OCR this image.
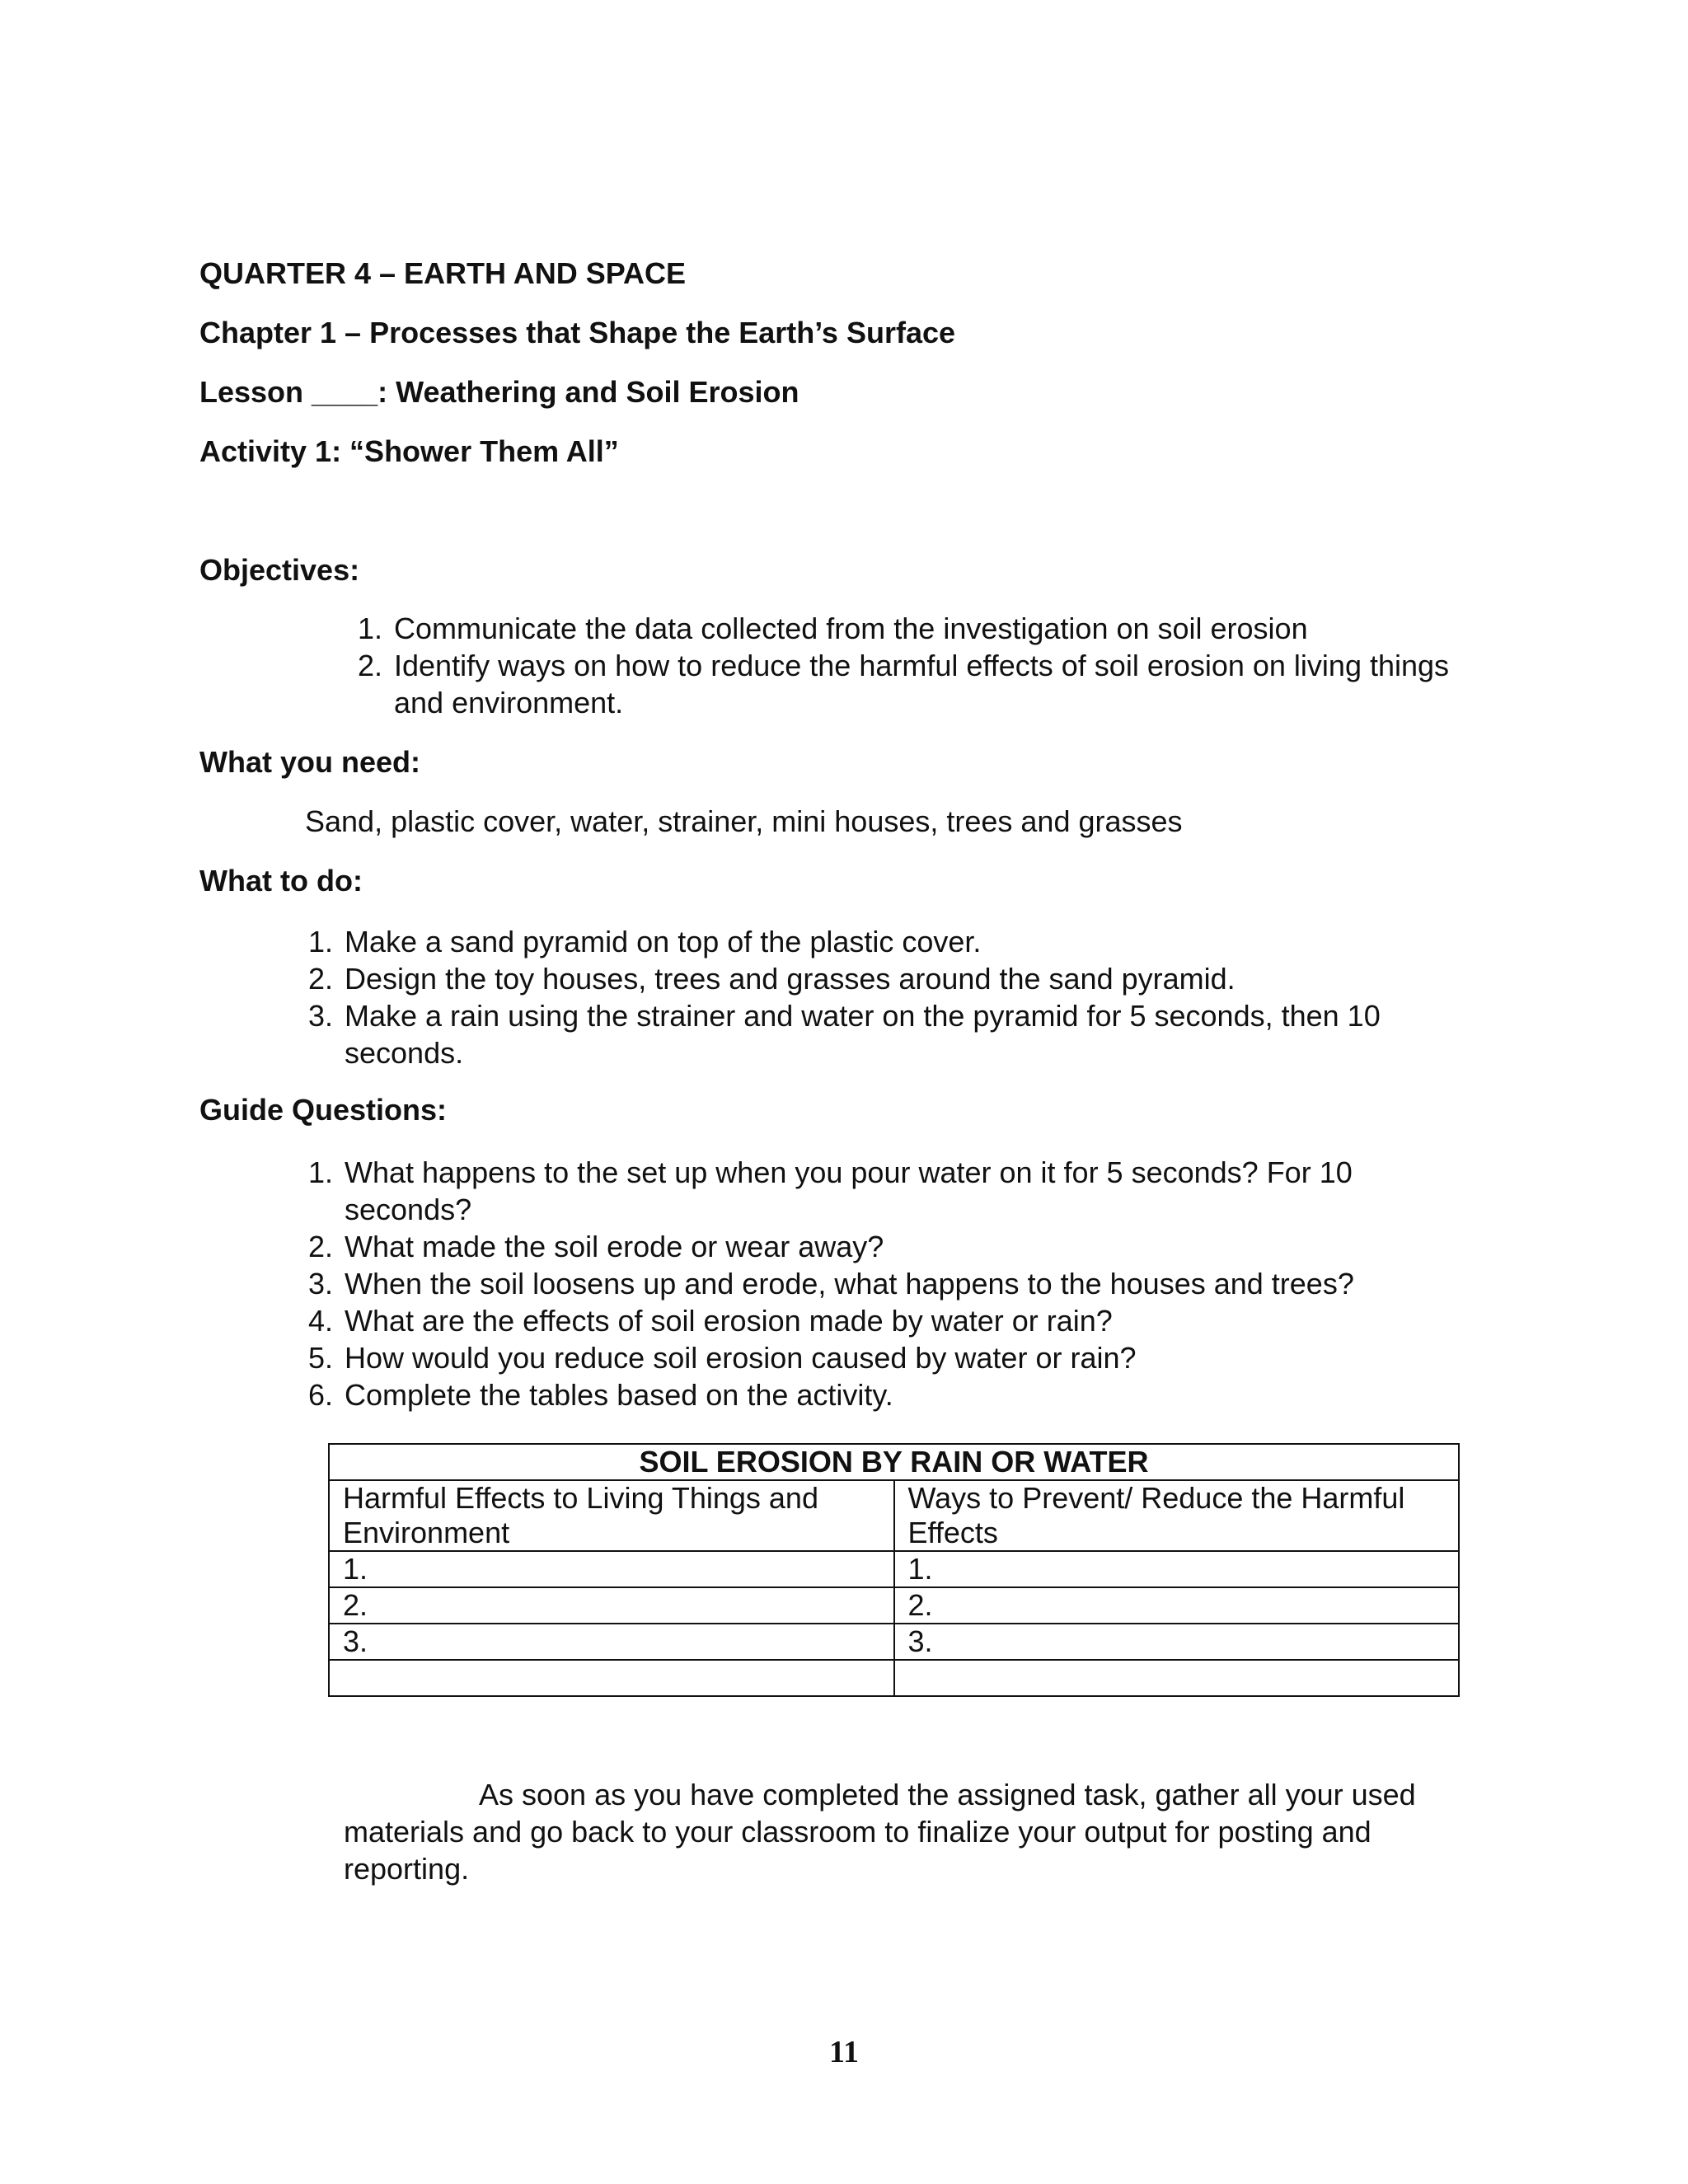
QUARTER 4 – EARTH AND SPACE

Chapter 1 – Processes that Shape the Earth’s Surface

Lesson ____: Weathering and Soil Erosion

Activity 1: “Shower Them All”

Objectives:

1. Communicate the data collected from the investigation on soil erosion
2. Identify ways on how to reduce the harmful effects of soil erosion on living things and environment.

What you need:

Sand, plastic cover, water, strainer, mini houses, trees and grasses

What to do:

1. Make a sand pyramid on top of the plastic cover.
2. Design the toy houses, trees and grasses around the sand pyramid.
3. Make a rain using the strainer and water on the pyramid for 5 seconds, then 10 seconds.

Guide Questions:

1. What happens to the set up when you pour water on it for 5 seconds? For 10 seconds?
2. What made the soil erode or wear away?
3. When the soil loosens up and erode, what happens to the houses and trees?
4. What are the effects of soil erosion made by water or rain?
5. How would you reduce soil erosion caused by water or rain?
6. Complete the tables based on the activity.
SOIL EROSION BY RAIN OR WATER	
Harmful Effects to Living Things and Environment	Ways to Prevent/ Reduce the Harmful Effects
1.	1.
2.	2.
3.	3.

As soon as you have completed the assigned task, gather all your used materials and go back to your classroom to finalize your output for posting and reporting.

11
